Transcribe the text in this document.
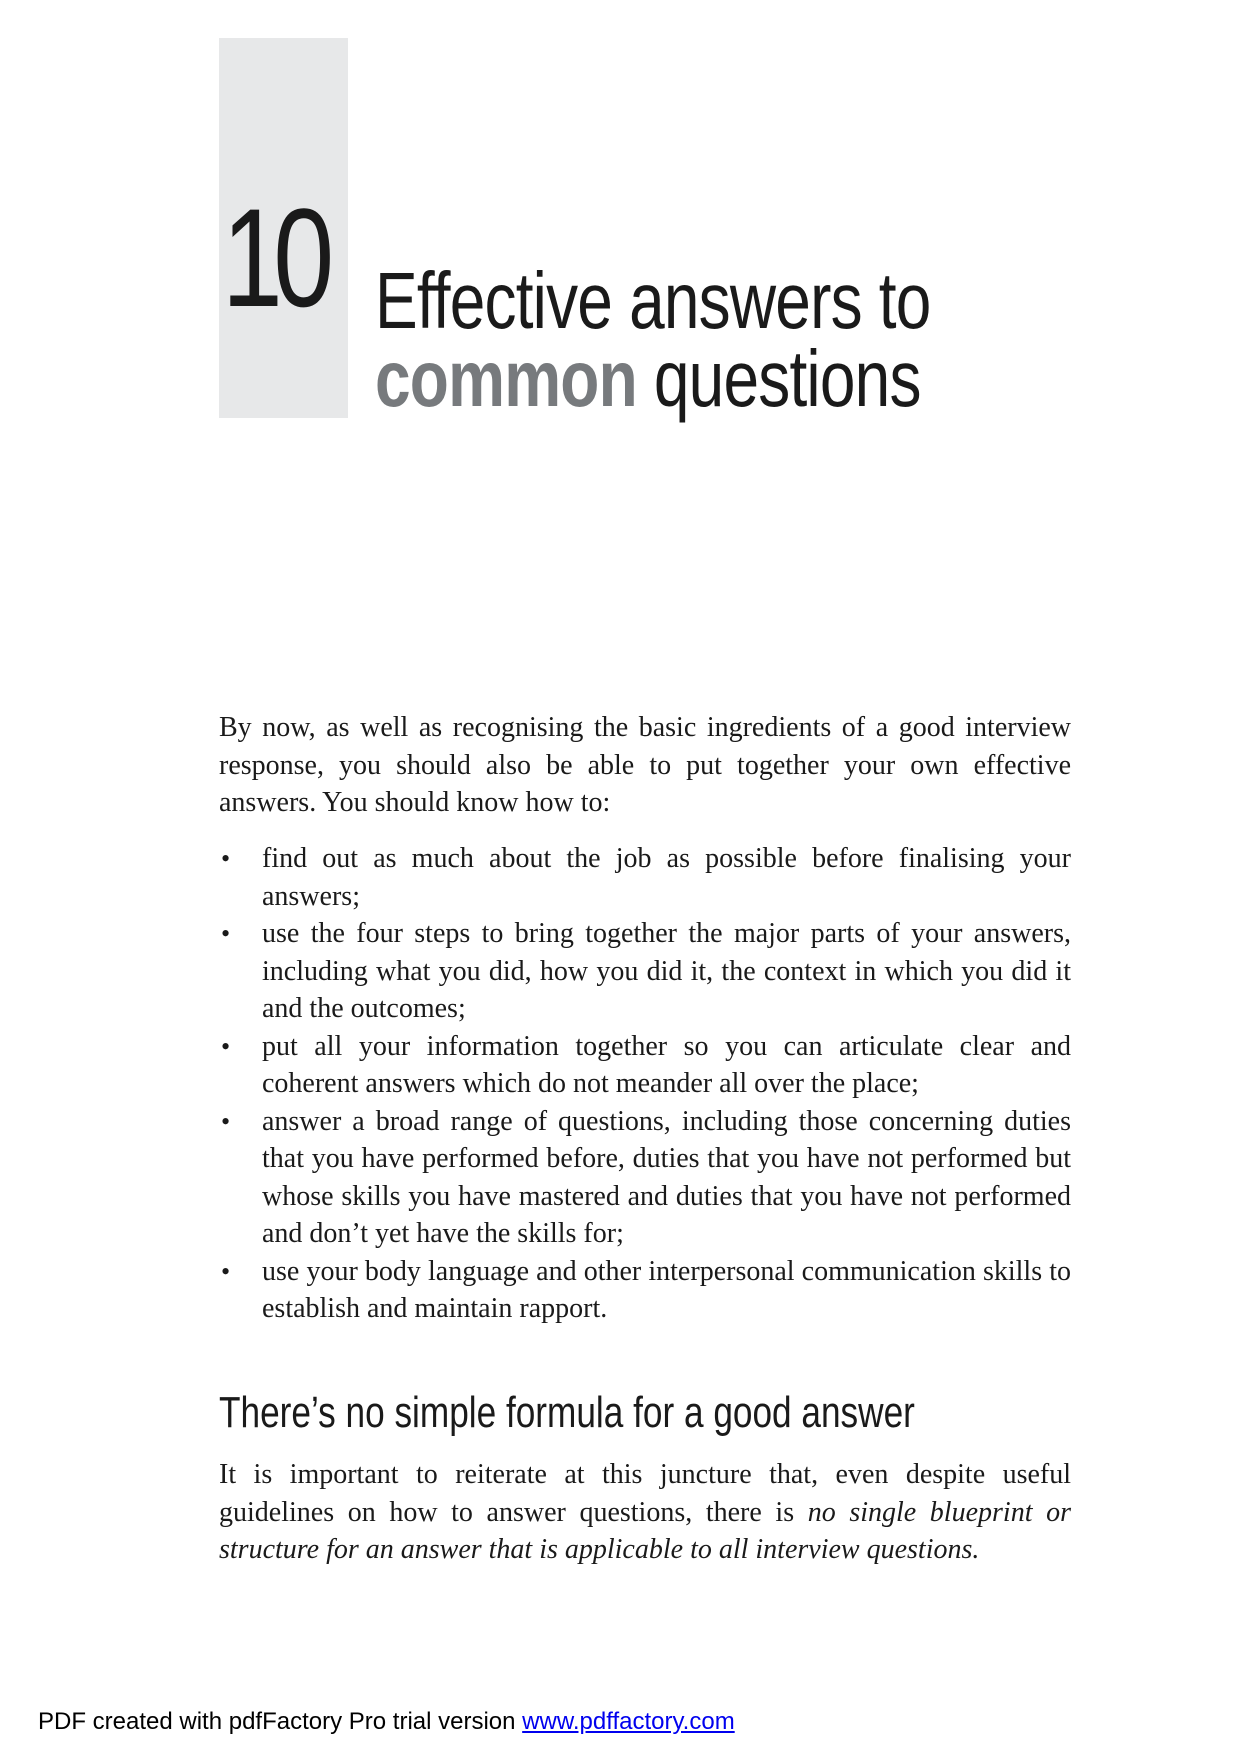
10 Effective answers to
common questions

By now, as well as recognising the basic ingredients of a good interview response, you should also be able to put together your own effective answers. You should know how to:

• find out as much about the job as possible before finalising your answers;
• use the four steps to bring together the major parts of your answers, including what you did, how you did it, the context in which you did it and the outcomes;
• put all your information together so you can articulate clear and coherent answers which do not meander all over the place;
• answer a broad range of questions, including those concerning duties that you have performed before, duties that you have not performed but whose skills you have mastered and duties that you have not performed and don’t yet have the skills for;
• use your body language and other interpersonal communication skills to establish and maintain rapport.
There’s no simple formula for a good answer

It is important to reiterate at this juncture that, even despite useful guidelines on how to answer questions, there is no single blueprint or structure for an answer that is applicable to all interview questions.

PDF created with pdfFactory Pro trial version www.pdffactory.com
